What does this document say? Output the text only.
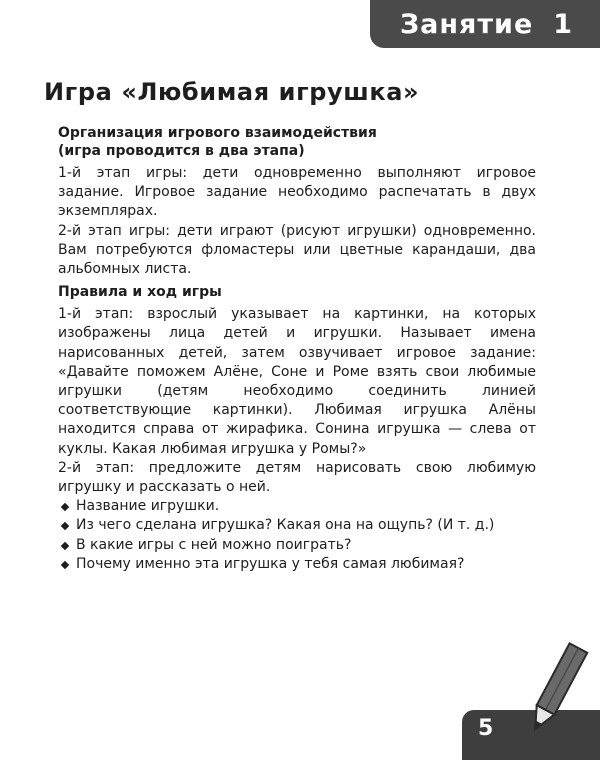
Занятие 1
Игра «Любимая игрушка»
Организация игрового взаимодействия
(игра проводится в два этапа)

1-й этап игры: дети одновременно выполняют игровое задание. Игровое задание необходимо распечатать в двух экземплярах.

2-й этап игры: дети играют (рисуют игрушки) одновременно. Вам потребуются фломастеры или цветные карандаши, два альбомных листа.

Правила и ход игры

1-й этап: взрослый указывает на картинки, на которых изображены лица детей и игрушки. Называет имена нарисованных детей, затем озвучивает игровое задание: «Давайте поможем Алёне, Соне и Роме взять свои любимые игрушки (детям необходимо соединить линией соответствующие картинки). Любимая игрушка Алёны находится справа от жирафика. Сонина игрушка — слева от куклы. Какая любимая игрушка у Ромы?»

2-й этап: предложите детям нарисовать свою любимую игрушку и рассказать о ней.

Название игрушки.
Из чего сделана игрушка? Какая она на ощупь? (И т. д.)
В какие игры с ней можно поиграть?
Почему именно эта игрушка у тебя самая любимая?
5
